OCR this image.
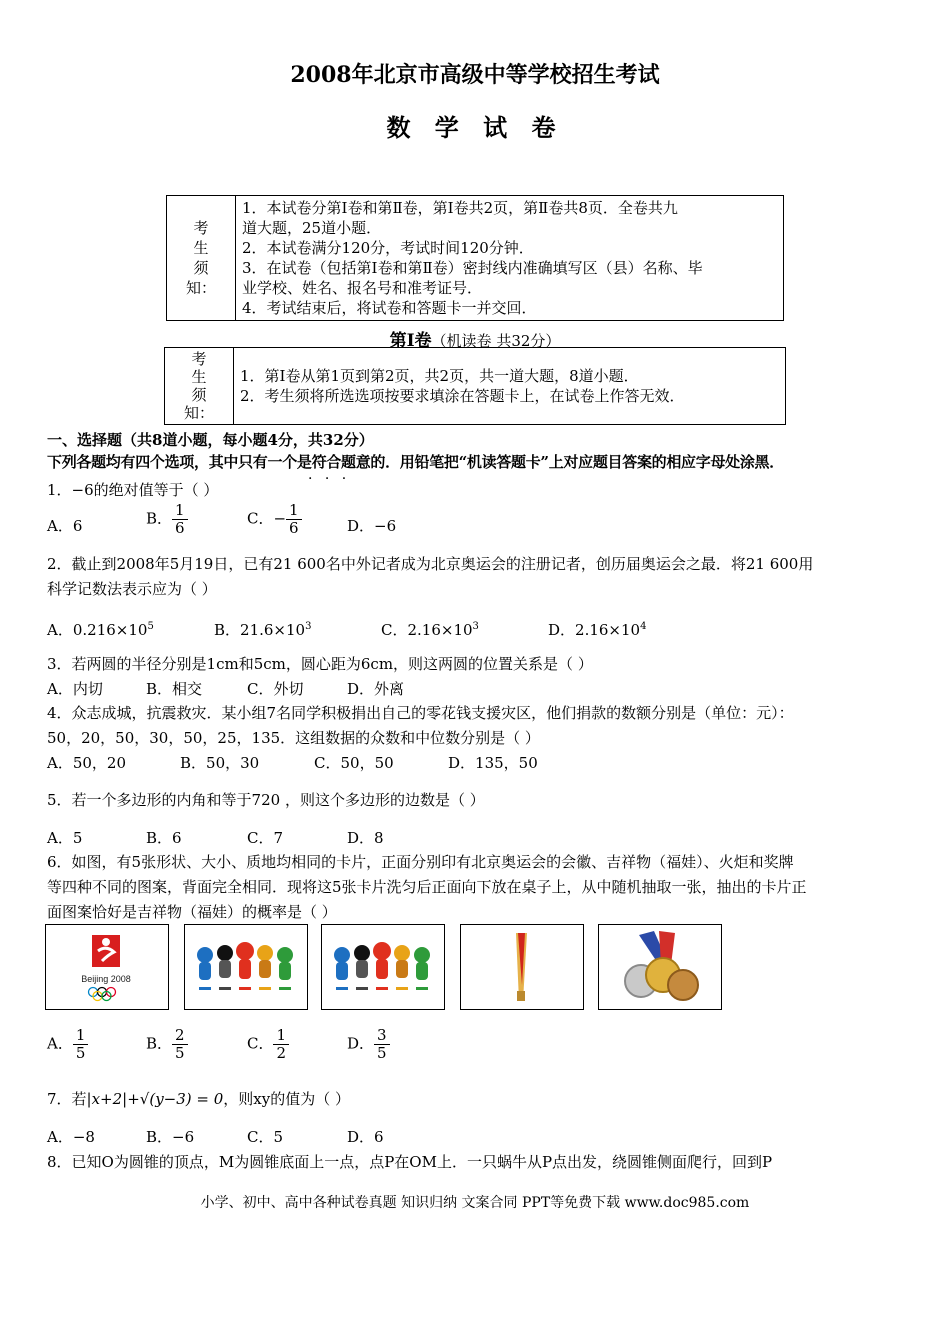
2008年北京市高级中等学校招生考试
数 学 试 卷
考
生
须
知：

1．本试卷分第Ⅰ卷和第Ⅱ卷，第Ⅰ卷共2页，第Ⅱ卷共8页．全卷共九
道大题，25道小题．
2．本试卷满分120分，考试时间120分钟．
3．在试卷（包括第Ⅰ卷和第Ⅱ卷）密封线内准确填写区（县）名称、毕
业学校、姓名、报名号和准考证号．
4．考试结束后，将试卷和答题卡一并交回．
第Ⅰ卷（机读卷 共32分）
考
生
须
知：

1．第Ⅰ卷从第1页到第2页，共2页，共一道大题，8道小题．
2．考生须将所选选项按要求填涂在答题卡上，在试卷上作答无效．
一、选择题（共8道小题，每小题4分，共32分）
下列各题均有四个选项，其中只有一个是符合题意的．用铅笔把“机读答题卡”上对应题目答案的相应字母处涂黑．
· · ·
1．−6的绝对值等于（ ）
A．6	B． $\frac{1}{6}$	C．− $\frac{1}{6}$	D．−6
2．截止到2008年5月19日，已有21 600名中外记者成为北京奥运会的注册记者，创历届奥运会之最．将21 600用
科学记数法表示应为（ ）
A．$0.216\times 10^5$	B．$21.6\times 10^3$	C．$2.16\times 10^3$	D．$2.16\times 10^4$
3．若两圆的半径分别是1cm和5cm，圆心距为6cm，则这两圆的位置关系是（ ）
A．内切	B．相交	C．外切	D．外离
4．众志成城，抗震救灾．某小组7名同学积极捐出自己的零花钱支援灾区，他们捐款的数额分别是（单位：元）：
50，20，50，30，50，25，135．这组数据的众数和中位数分别是（ ）
A．50，20	B．50，30	C．50，50	D．135，50
5．若一个多边形的内角和等于720 ，则这个多边形的边数是（ ）
A．5	B．6	C．7	D．8
6．如图，有5张形状、大小、质地均相同的卡片，正面分别印有北京奥运会的会徽、吉祥物（福娃）、火炬和奖牌
等四种不同的图案，背面完全相同．现将这5张卡片洗匀后正面向下放在桌子上，从中随机抽取一张，抽出的卡片正
面图案恰好是吉祥物（福娃）的概率是（ ）
Beijing 2008
A． $\frac{1}{5}$	B． $\frac{2}{5}$	C． $\frac{1}{2}$	D． $\frac{3}{5}$
7．若|x+2|+√(y−3) = 0，则xy的值为（ ）
A．−8	B．−6	C．5	D．6
8．已知O为圆锥的顶点，M为圆锥底面上一点，点P在OM上．一只蜗牛从P点出发，绕圆锥侧面爬行，回到P
小学、初中、高中各种试卷真题 知识归纳 文案合同 PPT等免费下载 www.doc985.com
